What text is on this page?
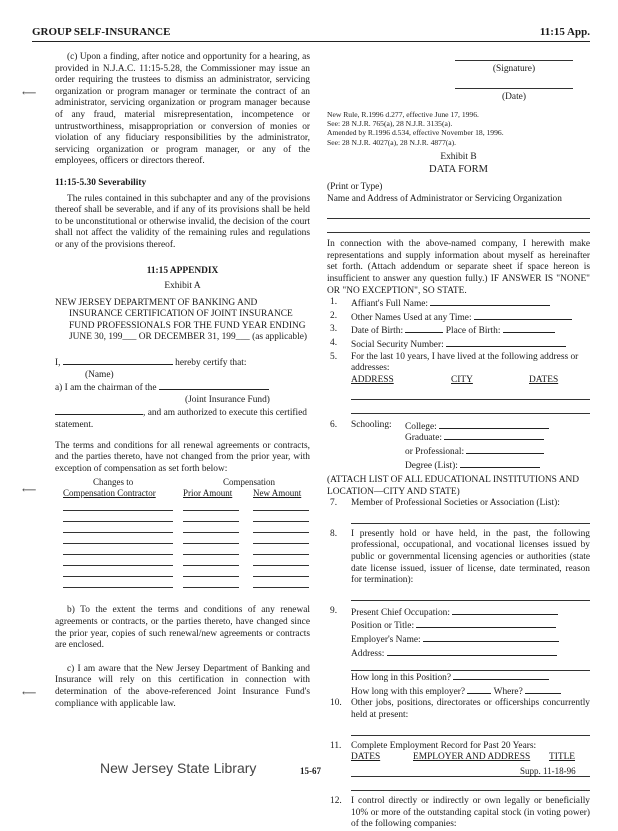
GROUP SELF-INSURANCE	11:15 App.
⟵
⟵
⟵

(c) Upon a finding, after notice and opportunity for a hearing, as provided in N.J.A.C. 11:15-5.28, the Commissioner may issue an order requiring the trustees to dismiss an administrator, servicing organization or program manager or terminate the contract of an administrator, servicing organization or program manager because of any fraud, material misrepresentation, incompetence or untrustworthiness, misappropriation or conversion of monies or violation of any fiduciary responsibilities by the administrator, servicing organization or program manager, or any of the employees, officers or directors thereof.

11:15-5.30 Severability

The rules contained in this subchapter and any of the provisions thereof shall be severable, and if any of its provisions shall be held to be unconstitutional or otherwise invalid, the decision of the court shall not affect the validity of the remaining rules and regulations or any of the provisions thereof.

11:15 APPENDIX
Exhibit A

NEW JERSEY DEPARTMENT OF BANKING AND INSURANCE CERTIFICATION OF JOINT INSURANCE FUND PROFESSIONALS FOR THE FUND YEAR ENDING JUNE 30, 199___ OR DECEMBER 31, 199___ (as applicable)

I,	hereby certify that:
(Name)
a) I am the chairman of the
(Joint Insurance Fund)
, and am authorized to execute this certified statement.

The terms and conditions for all renewal agreements or contracts, and the parties thereto, have not changed from the prior year, with exception of compensation as set forth below:

Changes to	Compensation
Compensation Contractor	Prior Amount New Amount

b) To the extent the terms and conditions of any renewal agreements or contracts, or the parties thereto, have changed since the prior year, copies of such renewal/new agreements or contracts are enclosed.

c) I am aware that the New Jersey Department of Banking and Insurance will rely on this certification in connection with determination of the above-referenced Joint Insurance Fund's compliance with applicable law.

(Signature)
(Date)
New Rule, R.1996 d.277, effective June 17, 1996.
See: 28 N.J.R. 765(a), 28 N.J.R. 3135(a).
Amended by R.1996 d.534, effective November 18, 1996.
See: 28 N.J.R. 4027(a), 28 N.J.R. 4877(a).
Exhibit B
DATA FORM
(Print or Type)
Name and Address of Administrator or Servicing Organization

In connection with the above-named company, I herewith make representations and supply information about myself as hereinafter set forth. (Attach addendum or separate sheet if space hereon is insufficient to answer any question fully.) IF ANSWER IS "NONE" OR "NO EXCEPTION", SO STATE.

1. Affiant's Full Name:
2. Other Names Used at any Time:
3. Date of Birth:	Place of Birth:
4. Social Security Number:
5. For the last 10 years, I have lived at the following address or addresses:
ADDRESS	CITY	DATES
6. Schooling: College:
Graduate:
or Professional:
Degree (List):

(ATTACH LIST OF ALL EDUCATIONAL INSTITUTIONS AND LOCATION—CITY AND STATE)

7. Member of Professional Societies or Association (List):
8. I presently hold or have held, in the past, the following professional, occupational, and vocational licenses issued by public or governmental licensing agencies or authorities (state date license issued, issuer of license, date terminated, reason for termination):

9. Present Chief Occupation:
Position or Title:
Employer's Name:
Address:
How long in this Position?
How long with this employer?	Where?
10. Other jobs, positions, directorates or officerships concurrently held at present:

11. Complete Employment Record for Past 20 Years:
DATES	EMPLOYER AND ADDRESS TITLE
12. I control directly or indirectly or own legally or beneficially 10% or more of the outstanding capital stock (in voting power) of the following companies:

New Jersey State Library	15-67	Supp. 11-18-96
